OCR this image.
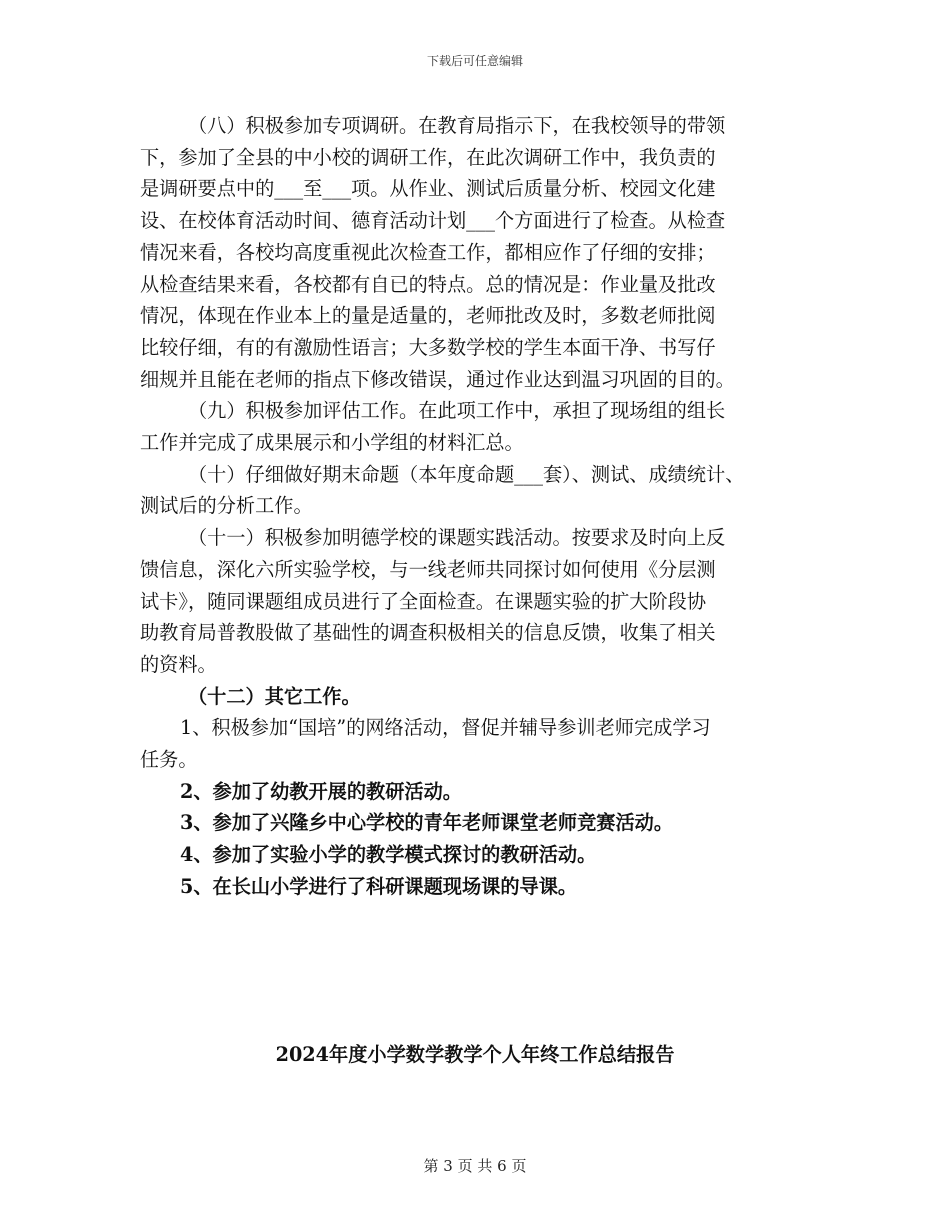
下载后可任意编辑

（八）积极参加专项调研。在教育局指示下，在我校领导的带领

下，参加了全县的中小校的调研工作，在此次调研工作中，我负责的

是调研要点中的___至___项。从作业、测试后质量分析、校园文化建

设、在校体育活动时间、德育活动计划___个方面进行了检查。从检查

情况来看，各校均高度重视此次检查工作，都相应作了仔细的安排；

从检查结果来看，各校都有自已的特点。总的情况是：作业量及批改

情况，体现在作业本上的量是适量的，老师批改及时，多数老师批阅

比较仔细，有的有激励性语言；大多数学校的学生本面干净、书写仔

细规并且能在老师的指点下修改错误，通过作业达到温习巩固的目的。

（九）积极参加评估工作。在此项工作中，承担了现场组的组长

工作并完成了成果展示和小学组的材料汇总。

（十）仔细做好期末命题（本年度命题___套）、测试、成绩统计、

测试后的分析工作。

（十一）积极参加明德学校的课题实践活动。按要求及时向上反

馈信息，深化六所实验学校，与一线老师共同探讨如何使用《分层测

试卡》，随同课题组成员进行了全面检查。在课题实验的扩大阶段协

助教育局普教股做了基础性的调查积极相关的信息反馈，收集了相关

的资料。

（十二）其它工作。

1、积极参加“国培”的网络活动，督促并辅导参训老师完成学习

任务。

2、参加了幼教开展的教研活动。

3、参加了兴隆乡中心学校的青年老师课堂老师竞赛活动。

4、参加了实验小学的教学模式探讨的教研活动。

5、在长山小学进行了科研课题现场课的导课。

2024年度小学数学教学个人年终工作总结报告
第 3 页 共 6 页
